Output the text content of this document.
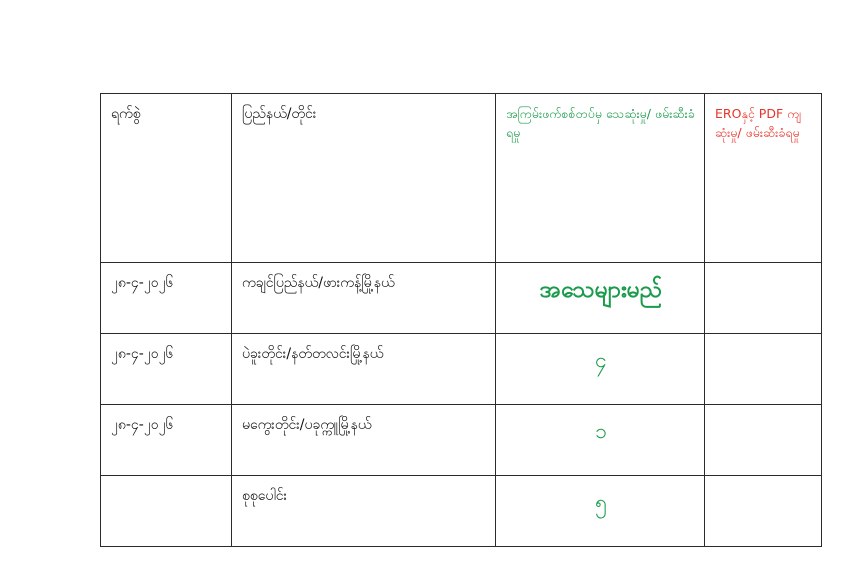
ရက်စွဲ	ပြည်နယ်/တိုင်း	အကြမ်းဖက်စစ်တပ်မှ သေဆုံးမှု/ ဖမ်းဆီးခံရမှု	EROနှင့် PDF ကျဆုံးမှု/ ဖမ်းဆီးခံရမှု
၂၈-၄-၂၀၂၆	ကချင်ပြည်နယ်/ဖားကန့်မြို့နယ်	အသေများမည်	
၂၈-၄-၂၀၂၆	ပဲခူးတိုင်း/နတ်တလင်းမြို့နယ်	၄	
၂၈-၄-၂၀၂၆	မကွေးတိုင်း/ပခုက္ကူမြို့နယ်	၁	
	စုစုပေါင်း	၅	
